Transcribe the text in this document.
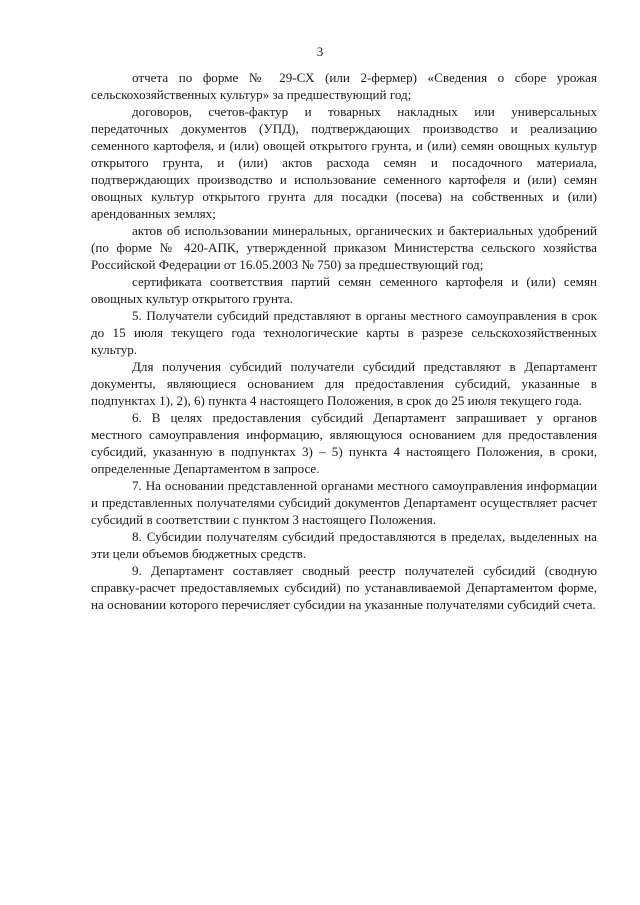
3

отчета по форме № 29-СХ (или 2-фермер) «Сведения о сборе урожая сельскохозяйственных культур» за предшествующий год;

договоров, счетов-фактур и товарных накладных или универсальных передаточных документов (УПД), подтверждающих производство и реализацию семенного картофеля, и (или) овощей открытого грунта, и (или) семян овощных культур открытого грунта, и (или) актов расхода семян и посадочного материала, подтверждающих производство и использование семенного картофеля и (или) семян овощных культур открытого грунта для посадки (посева) на собственных и (или) арендованных землях;

актов об использовании минеральных, органических и бактериальных удобрений (по форме № 420-АПК, утвержденной приказом Министерства сельского хозяйства Российской Федерации от 16.05.2003 № 750) за предшествующий год;

сертификата соответствия партий семян семенного картофеля и (или) семян овощных культур открытого грунта.

5. Получатели субсидий представляют в органы местного самоуправления в срок до 15 июля текущего года технологические карты в разрезе сельскохозяйственных культур.

Для получения субсидий получатели субсидий представляют в Департамент документы, являющиеся основанием для предоставления субсидий, указанные в подпунктах 1), 2), 6) пункта 4 настоящего Положения, в срок до 25 июля текущего года.

6. В целях предоставления субсидий Департамент запрашивает у органов местного самоуправления информацию, являющуюся основанием для предоставления субсидий, указанную в подпунктах 3) – 5) пункта 4 настоящего Положения, в сроки, определенные Департаментом в запросе.

7. На основании представленной органами местного самоуправления информации и представленных получателями субсидий документов Департамент осуществляет расчет субсидий в соответствии с пунктом 3 настоящего Положения.

8. Субсидии получателям субсидий предоставляются в пределах, выделенных на эти цели объемов бюджетных средств.

9. Департамент составляет сводный реестр получателей субсидий (сводную справку-расчет предоставляемых субсидий) по устанавливаемой Департаментом форме, на основании которого перечисляет субсидии на указанные получателями субсидий счета.
